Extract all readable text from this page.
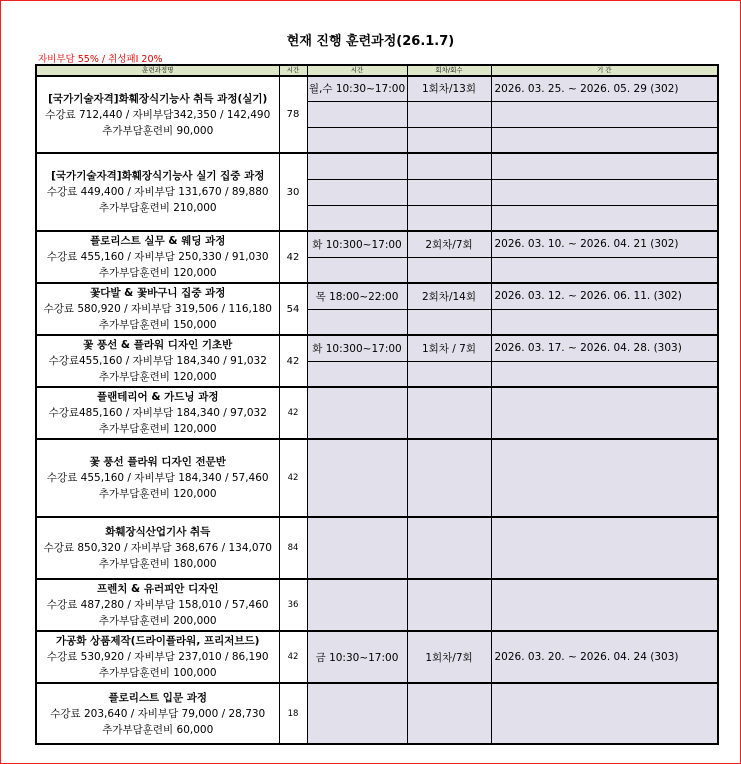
현재 진행 훈련과정(26.1.7)
자비부담 55% / 취성패Ⅰ 20%
훈련과정명	시간	시간	회차/회수	기 간

[국가기술자격]화훼장식기능사 취득 과정(실기)
수강료 712,440 / 자비부담342,350 / 142,490
추가부담훈련비 90,000	78	월,수 10:30~17:00	1회차/13회	2026. 03. 25. ~ 2026. 05. 29 (302)

[국가기술자격]화훼장식기능사 실기 집중 과정
수강료 449,400 / 자비부담 131,670 / 89,880
추가부담훈련비 210,000	30			

플로리스트 실무 & 웨딩 과정
수강료 455,160 / 자비부담 250,330 / 91,030
추가부담훈련비 120,000	42	화 10:300~17:00	2회차/7회	2026. 03. 10. ~ 2026. 04. 21 (302)

꽃다발 & 꽃바구니 집중 과정
수강료 580,920 / 자비부담 319,506 / 116,180
추가부담훈련비 150,000	54	목 18:00~22:00	2회차/14회	2026. 03. 12. ~ 2026. 06. 11. (302)

꽃 풍선 & 플라워 디자인 기초반
수강료455,160 / 자비부담 184,340 / 91,032
추가부담훈련비 120,000	42	화 10:300~17:00	1회차 / 7회	2026. 03. 17. ~ 2026. 04. 28. (303)

플랜테리어 & 가드닝 과정
수강료485,160 / 자비부담 184,340 / 97,032
추가부담훈련비 120,000	42			

꽃 풍선 플라워 디자인 전문반
수강료 455,160 / 자비부담 184,340 / 57,460
추가부담훈련비 120,000	42			

화훼장식산업기사 취득
수강료 850,320 / 자비부담 368,676 / 134,070
추가부담훈련비 180,000	84			

프렌치 & 유러피안 디자인
수강료 487,280 / 자비부담 158,010 / 57,460
추가부담훈련비 200,000	36			

가공화 상품제작(드라이플라워, 프리저브드)
수강료 530,920 / 자비부담 237,010 / 86,190
추가부담훈련비 100,000	42	금 10:30~17:00	1회차/7회	2026. 03. 20. ~ 2026. 04. 24 (303)

플로리스트 입문 과정
수강료 203,640 / 자비부담 79,000 / 28,730
추가부담훈련비 60,000	18			
